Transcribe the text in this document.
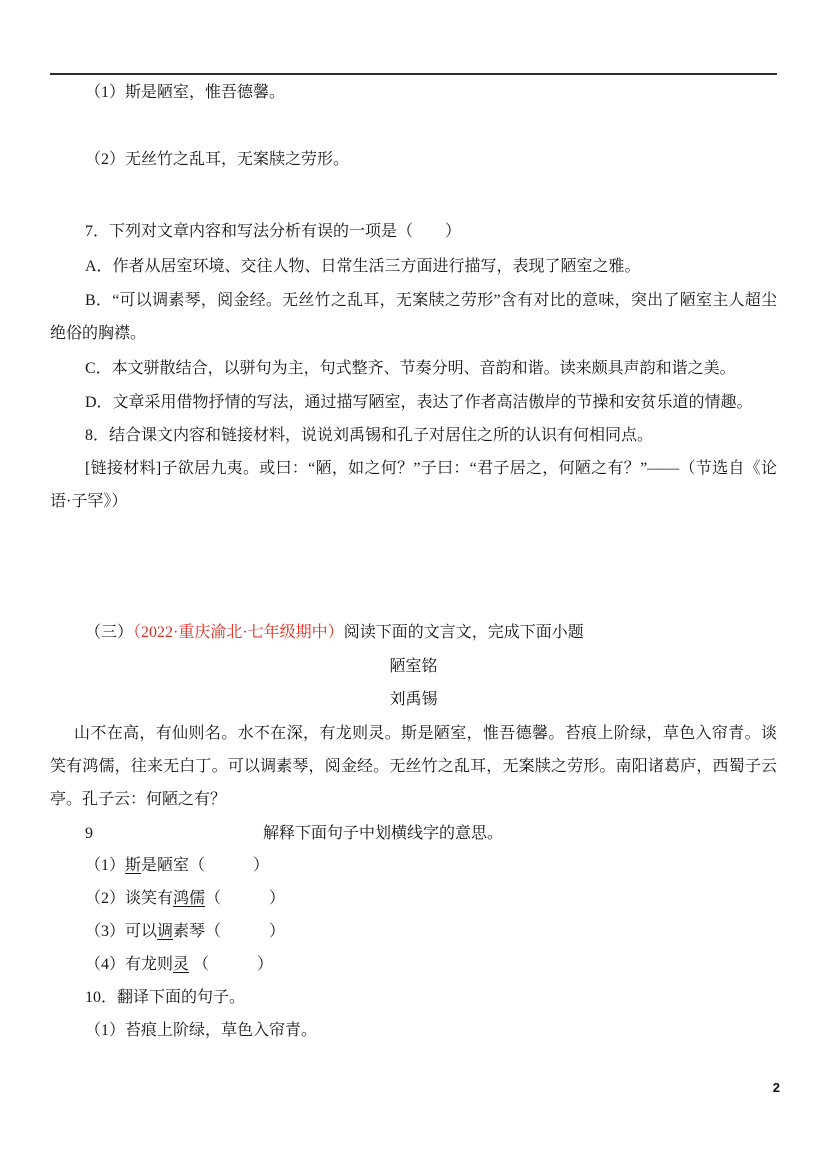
（1）斯是陋室，惟吾德馨。
（2）无丝竹之乱耳，无案牍之劳形。
7．下列对文章内容和写法分析有误的一项是（　　）
A．作者从居室环境、交往人物、日常生活三方面进行描写，表现了陋室之雅。
B．“可以调素琴，阅金经。无丝竹之乱耳，无案牍之劳形”含有对比的意味，突出了陋室主人超尘绝俗的胸襟。
C．本文骈散结合，以骈句为主，句式整齐、节奏分明、音韵和谐。读来颇具声韵和谐之美。
D．文章采用借物抒情的写法，通过描写陋室，表达了作者高洁傲岸的节操和安贫乐道的情趣。
8．结合课文内容和链接材料，说说刘禹锡和孔子对居住之所的认识有何相同点。
[链接材料]子欲居九夷。或曰：“陋，如之何？”子曰：“君子居之，何陋之有？”——（节选自《论语·子罕》）
（三）（2022·重庆渝北·七年级期中）阅读下面的文言文，完成下面小题
陋室铭
刘禹锡
山不在高，有仙则名。水不在深，有龙则灵。斯是陋室，惟吾德馨。苔痕上阶绿，草色入帘青。谈笑有鸿儒，往来无白丁。可以调素琴，阅金经。无丝竹之乱耳，无案牍之劳形。南阳诸葛庐，西蜀子云亭。孔子云：何陋之有？
9	解释下面句子中划横线字的意思。
（1）斯是陋室（　　　）
（2）谈笑有鸿儒（　　　）
（3）可以调素琴（　　　）
（4）有龙则灵 （　　　）
10．翻译下面的句子。
（1）苔痕上阶绿，草色入帘青。
2
